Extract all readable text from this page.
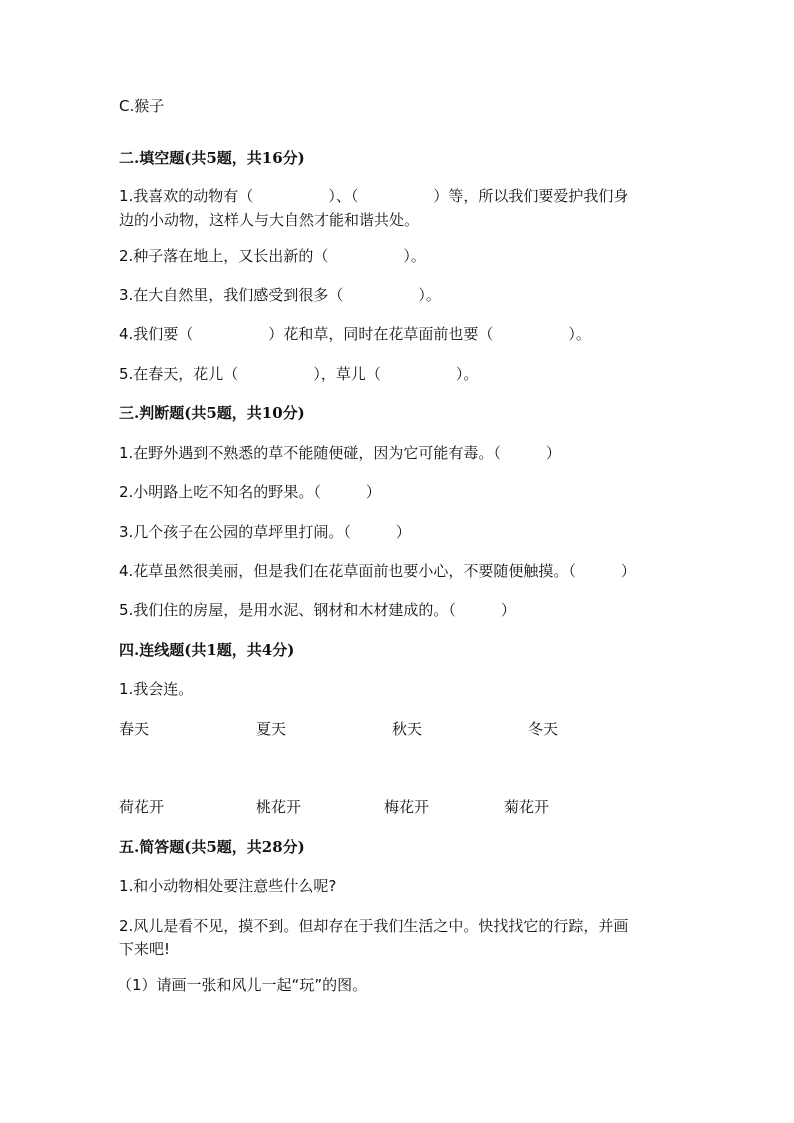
C.猴子
二.填空题(共5题，共16分)
1.我喜欢的动物有（　　　　　）、（　　　　　）等，所以我们要爱护我们身
边的小动物，这样人与大自然才能和谐共处。
2.种子落在地上，又长出新的（　　　　　）。
3.在大自然里，我们感受到很多（　　　　　）。
4.我们要（　　　　　）花和草，同时在花草面前也要（　　　　　）。
5.在春天，花儿（　　　　　），草儿（　　　　　）。
三.判断题(共5题，共10分)
1.在野外遇到不熟悉的草不能随便碰，因为它可能有毒。（　　　）
2.小明路上吃不知名的野果。（　　　）
3.几个孩子在公园的草坪里打闹。（　　　）
4.花草虽然很美丽，但是我们在花草面前也要小心，不要随便触摸。（　　　）
5.我们住的房屋，是用水泥、钢材和木材建成的。（　　　）
四.连线题(共1题，共4分)
1.我会连。
春天	夏天	秋天	冬天
荷花开	桃花开	梅花开	菊花开
五.简答题(共5题，共28分)
1.和小动物相处要注意些什么呢?
2.风儿是看不见，摸不到。但却存在于我们生活之中。快找找它的行踪，并画
下来吧!
（1）请画一张和风儿一起“玩”的图。
